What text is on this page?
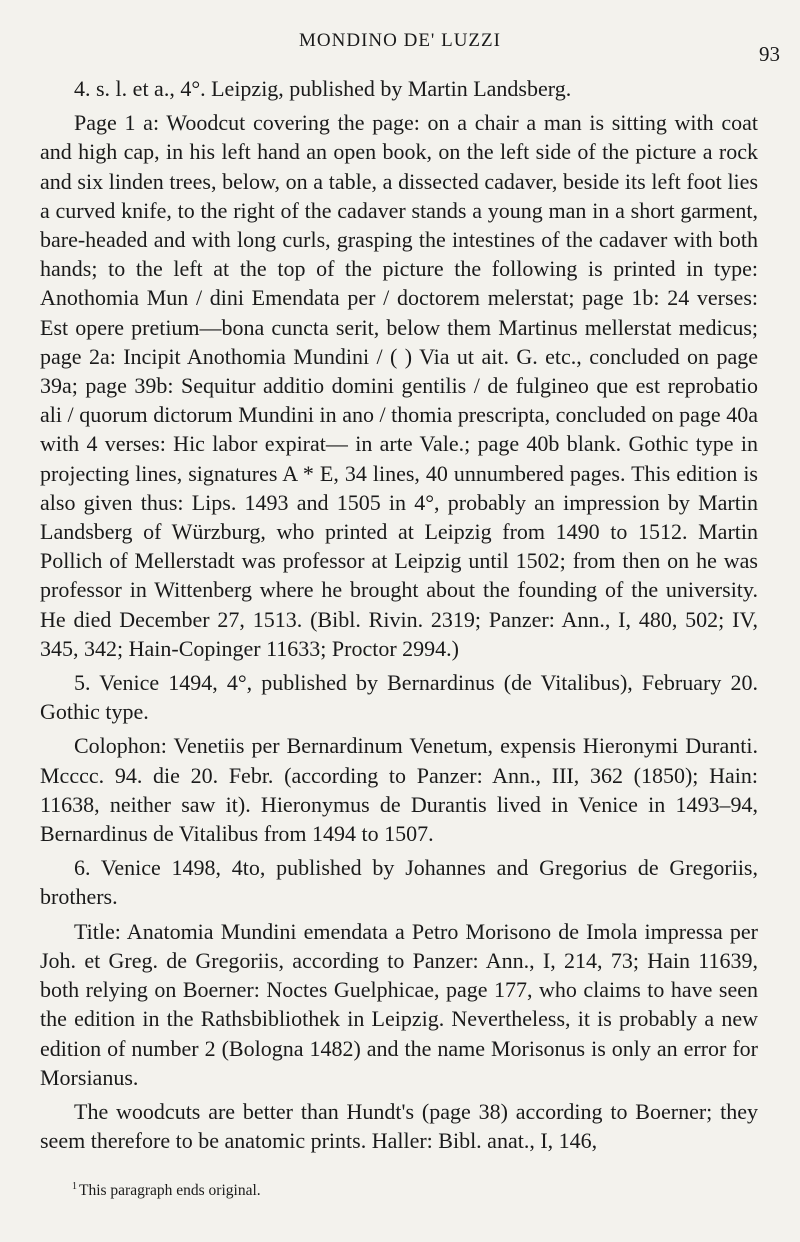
MONDINO DE' LUZZI
93

4. s. l. et a., 4°. Leipzig, published by Martin Landsberg.

Page 1 a: Woodcut covering the page: on a chair a man is sitting with coat and high cap, in his left hand an open book, on the left side of the picture a rock and six linden trees, below, on a table, a dissected cadaver, beside its left foot lies a curved knife, to the right of the cadaver stands a young man in a short garment, bare-headed and with long curls, grasping the intestines of the cadaver with both hands; to the left at the top of the picture the following is printed in type: Anothomia Mun / dini Emendata per / doctorem melerstat; page 1b: 24 verses: Est opere pretium—bona cuncta serit, below them Martinus mellerstat medicus; page 2a: Incipit Anothomia Mundini / ( ) Via ut ait. G. etc., concluded on page 39a; page 39b: Sequitur additio domini gentilis / de fulgineo que est reprobatio ali / quorum dictorum Mundini in ano / thomia prescripta, concluded on page 40a with 4 verses: Hic labor expirat— in arte Vale.; page 40b blank. Gothic type in projecting lines, signatures A * E, 34 lines, 40 unnumbered pages. This edition is also given thus: Lips. 1493 and 1505 in 4°, probably an impression by Martin Landsberg of Würzburg, who printed at Leipzig from 1490 to 1512. Martin Pollich of Mellerstadt was professor at Leipzig until 1502; from then on he was professor in Wittenberg where he brought about the founding of the university. He died December 27, 1513. (Bibl. Rivin. 2319; Panzer: Ann., I, 480, 502; IV, 345, 342; Hain-Copinger 11633; Proctor 2994.)

5. Venice 1494, 4°, published by Bernardinus (de Vitalibus), February 20. Gothic type.

Colophon: Venetiis per Bernardinum Venetum, expensis Hieronymi Duranti. Mcccc. 94. die 20. Febr. (according to Panzer: Ann., III, 362 (1850); Hain: 11638, neither saw it). Hieronymus de Durantis lived in Venice in 1493–94, Bernardinus de Vitalibus from 1494 to 1507.

6. Venice 1498, 4to, published by Johannes and Gregorius de Gregoriis, brothers.

Title: Anatomia Mundini emendata a Petro Morisono de Imola impressa per Joh. et Greg. de Gregoriis, according to Panzer: Ann., I, 214, 73; Hain 11639, both relying on Boerner: Noctes Guelphicae, page 177, who claims to have seen the edition in the Rathsbibliothek in Leipzig. Nevertheless, it is probably a new edition of number 2 (Bologna 1482) and the name Morisonus is only an error for Morsianus.

The woodcuts are better than Hundt's (page 38) according to Boerner; they seem therefore to be anatomic prints. Haller: Bibl. anat., I, 146,

$^1$ This paragraph ends original.
